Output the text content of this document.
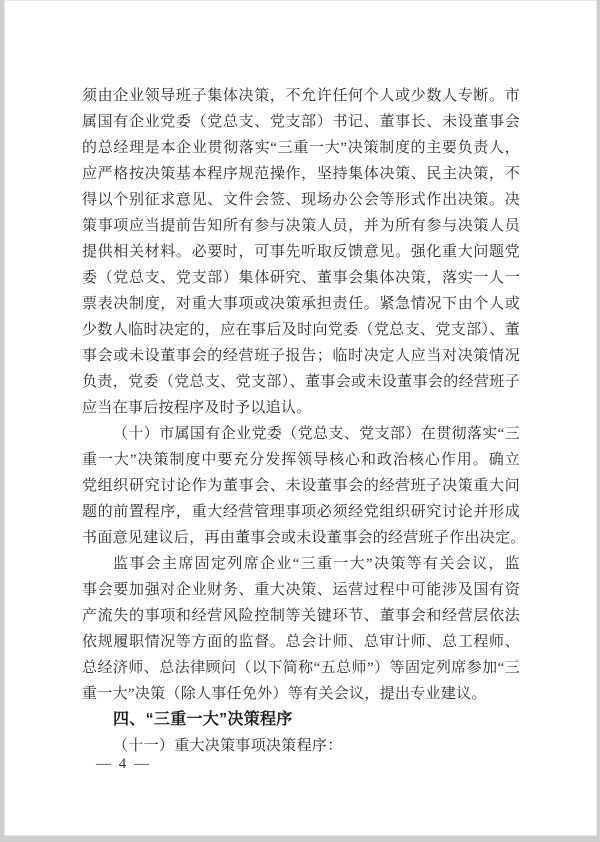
须由企业领导班子集体决策，不允许任何个人或少数人专断。市
属国有企业党委（党总支、党支部）书记、董事长、未设董事会
的总经理是本企业贯彻落实“三重一大”决策制度的主要负责人，
应严格按决策基本程序规范操作，坚持集体决策、民主决策，不
得以个别征求意见、文件会签、现场办公会等形式作出决策。决
策事项应当提前告知所有参与决策人员，并为所有参与决策人员
提供相关材料。必要时，可事先听取反馈意见。强化重大问题党
委（党总支、党支部）集体研究、董事会集体决策，落实一人一
票表决制度，对重大事项或决策承担责任。紧急情况下由个人或
少数人临时决定的，应在事后及时向党委（党总支、党支部）、董
事会或未设董事会的经营班子报告；临时决定人应当对决策情况
负责，党委（党总支、党支部）、董事会或未设董事会的经营班子
应当在事后按程序及时予以追认。
（十）市属国有企业党委（党总支、党支部）在贯彻落实“三
重一大”决策制度中要充分发挥领导核心和政治核心作用。确立
党组织研究讨论作为董事会、未设董事会的经营班子决策重大问
题的前置程序，重大经营管理事项必须经党组织研究讨论并形成
书面意见建议后，再由董事会或未设董事会的经营班子作出决定。
监事会主席固定列席企业“三重一大”决策等有关会议，监
事会要加强对企业财务、重大决策、运营过程中可能涉及国有资
产流失的事项和经营风险控制等关键环节、董事会和经营层依法
依规履职情况等方面的监督。总会计师、总审计师、总工程师、
总经济师、总法律顾问（以下简称“五总师”）等固定列席参加“三
重一大”决策（除人事任免外）等有关会议，提出专业建议。
四、“三重一大”决策程序
（十一）重大决策事项决策程序：
— 4 —
